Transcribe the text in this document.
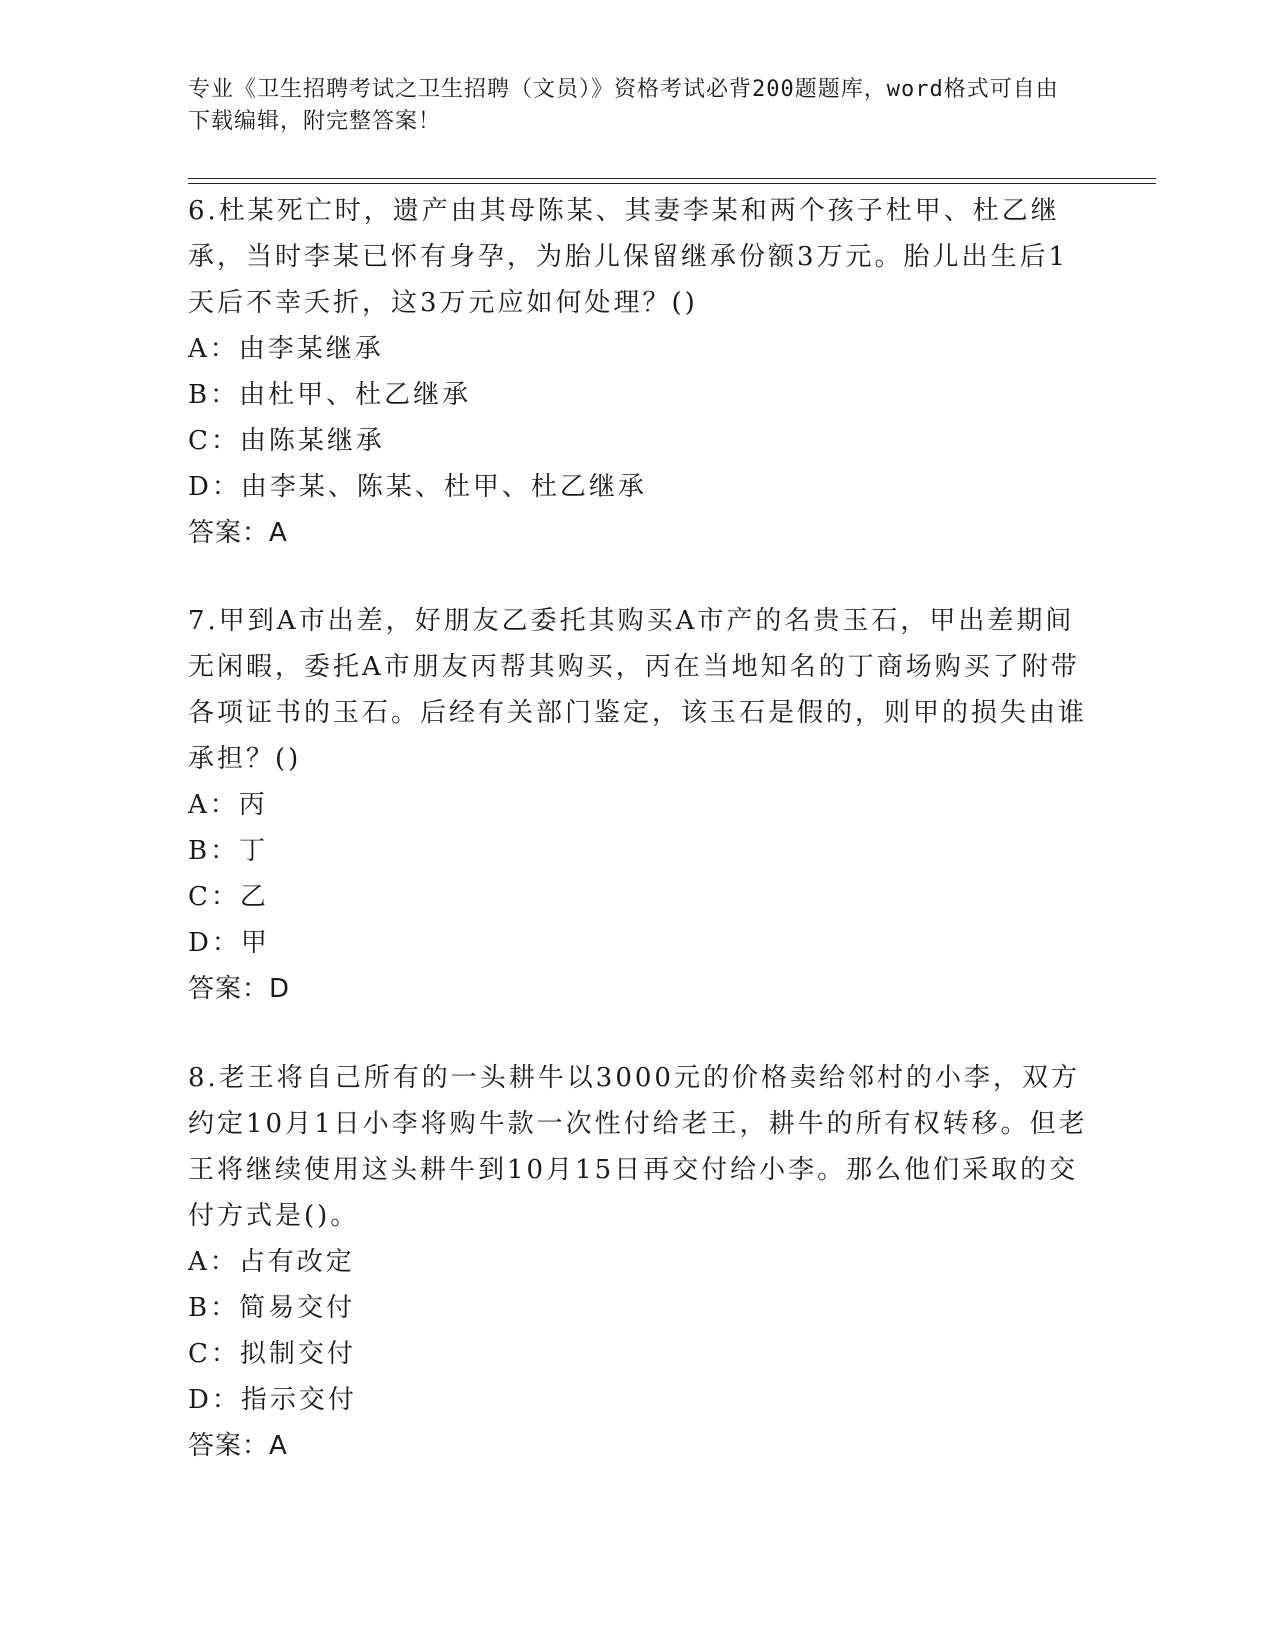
专业《卫生招聘考试之卫生招聘（文员）》资格考试必背200题题库，word格式可自由下载编辑，附完整答案！

6.杜某死亡时，遗产由其母陈某、其妻李某和两个孩子杜甲、杜乙继承，当时李某已怀有身孕，为胎儿保留继承份额3万元。胎儿出生后1天后不幸夭折，这3万元应如何处理？()

A：由李某继承

B：由杜甲、杜乙继承

C：由陈某继承

D：由李某、陈某、杜甲、杜乙继承

答案：A

7.甲到A市出差，好朋友乙委托其购买A市产的名贵玉石，甲出差期间无闲暇，委托A市朋友丙帮其购买，丙在当地知名的丁商场购买了附带各项证书的玉石。后经有关部门鉴定，该玉石是假的，则甲的损失由谁承担？()

A：丙

B：丁

C：乙

D：甲

答案：D

8.老王将自己所有的一头耕牛以3000元的价格卖给邻村的小李，双方约定10月1日小李将购牛款一次性付给老王，耕牛的所有权转移。但老王将继续使用这头耕牛到10月15日再交付给小李。那么他们采取的交付方式是()。

A：占有改定

B：简易交付

C：拟制交付

D：指示交付

答案：A
